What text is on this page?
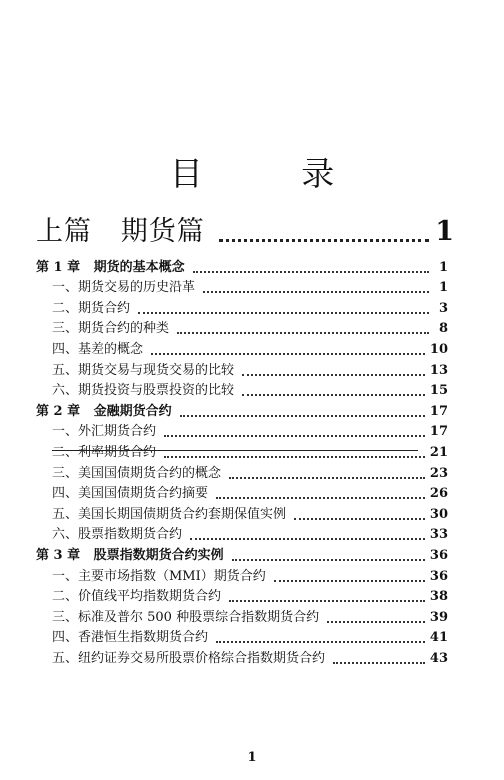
目 录
上篇   期货篇	1
第 1 章   期货的基本概念	1
一、期货交易的历史沿革	1
二、期货合约	3
三、期货合约的种类	8
四、基差的概念	10
五、期货交易与现货交易的比较	13
六、期货投资与股票投资的比较	15
第 2 章   金融期货合约	17
一、外汇期货合约	17
二、利率期货合约	21
三、美国国债期货合约的概念	23
四、美国国债期货合约摘要	26
五、美国长期国债期货合约套期保值实例	30
六、股票指数期货合约	33
第 3 章   股票指数期货合约实例	36
一、主要市场指数（MMI）期货合约	36
二、价值线平均指数期货合约	38
三、标准及普尔 500 种股票综合指数期货合约	39
四、香港恒生指数期货合约	41
五、纽约证券交易所股票价格综合指数期货合约	43
1
